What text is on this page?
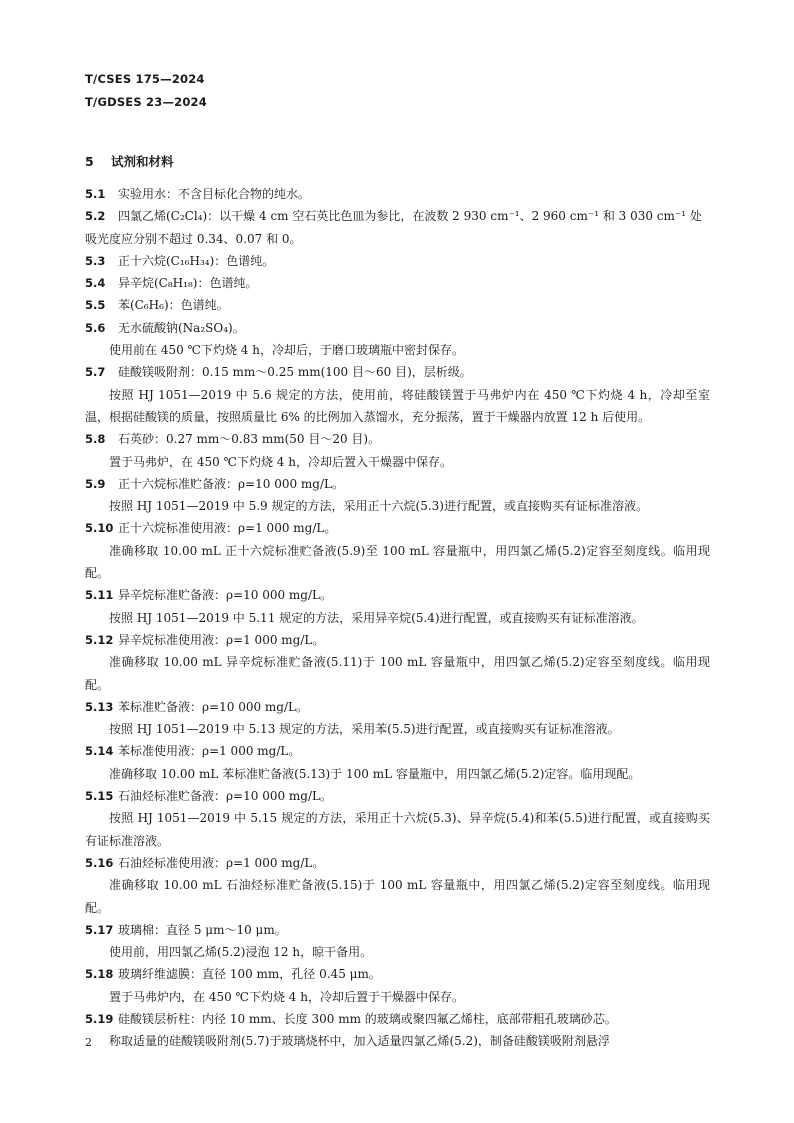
T/CSES 175—2024
T/GDSES 23—2024
5 试剂和材料

5.1 实验用水：不含目标化合物的纯水。

5.2 四氯乙烯(C₂Cl₄)：以干燥 4 cm 空石英比色皿为参比，在波数 2 930 cm⁻¹、2 960 cm⁻¹ 和 3 030 cm⁻¹ 处吸光度应分别不超过 0.34、0.07 和 0。

5.3 正十六烷(C₁₆H₃₄)：色谱纯。

5.4 异辛烷(C₈H₁₈)：色谱纯。

5.5 苯(C₆H₆)：色谱纯。

5.6 无水硫酸钠(Na₂SO₄)。

使用前在 450 ℃下灼烧 4 h，冷却后，于磨口玻璃瓶中密封保存。

5.7 硅酸镁吸附剂：0.15 mm～0.25 mm(100 目～60 目)，层析级。

按照 HJ 1051—2019 中 5.6 规定的方法，使用前，将硅酸镁置于马弗炉内在 450 ℃下灼烧 4 h，冷却至室温，根据硅酸镁的质量，按照质量比 6% 的比例加入蒸馏水，充分振荡，置于干燥器内放置 12 h 后使用。

5.8 石英砂：0.27 mm～0.83 mm(50 目～20 目)。

置于马弗炉，在 450 ℃下灼烧 4 h，冷却后置入干燥器中保存。

5.9 正十六烷标准贮备液：ρ=10 000 mg/L。

按照 HJ 1051—2019 中 5.9 规定的方法，采用正十六烷(5.3)进行配置，或直接购买有证标准溶液。

5.10 正十六烷标准使用液：ρ=1 000 mg/L。

准确移取 10.00 mL 正十六烷标准贮备液(5.9)至 100 mL 容量瓶中，用四氯乙烯(5.2)定容至刻度线。临用现配。

5.11 异辛烷标准贮备液：ρ=10 000 mg/L。

按照 HJ 1051—2019 中 5.11 规定的方法，采用异辛烷(5.4)进行配置，或直接购买有证标准溶液。

5.12 异辛烷标准使用液：ρ=1 000 mg/L。

准确移取 10.00 mL 异辛烷标准贮备液(5.11)于 100 mL 容量瓶中，用四氯乙烯(5.2)定容至刻度线。临用现配。

5.13 苯标准贮备液：ρ=10 000 mg/L。

按照 HJ 1051—2019 中 5.13 规定的方法，采用苯(5.5)进行配置，或直接购买有证标准溶液。

5.14 苯标准使用液：ρ=1 000 mg/L。

准确移取 10.00 mL 苯标准贮备液(5.13)于 100 mL 容量瓶中，用四氯乙烯(5.2)定容。临用现配。

5.15 石油烃标准贮备液：ρ=10 000 mg/L。

按照 HJ 1051—2019 中 5.15 规定的方法，采用正十六烷(5.3)、异辛烷(5.4)和苯(5.5)进行配置，或直接购买有证标准溶液。

5.16 石油烃标准使用液：ρ=1 000 mg/L。

准确移取 10.00 mL 石油烃标准贮备液(5.15)于 100 mL 容量瓶中，用四氯乙烯(5.2)定容至刻度线。临用现配。

5.17 玻璃棉：直径 5 μm～10 μm。

使用前，用四氯乙烯(5.2)浸泡 12 h，晾干备用。

5.18 玻璃纤维滤膜：直径 100 mm，孔径 0.45 μm。

置于马弗炉内，在 450 ℃下灼烧 4 h，冷却后置于干燥器中保存。

5.19 硅酸镁层析柱：内径 10 mm、长度 300 mm 的玻璃或聚四氟乙烯柱，底部带粗孔玻璃砂芯。

称取适量的硅酸镁吸附剂(5.7)于玻璃烧杯中，加入适量四氯乙烯(5.2)，制备硅酸镁吸附剂悬浮

2
